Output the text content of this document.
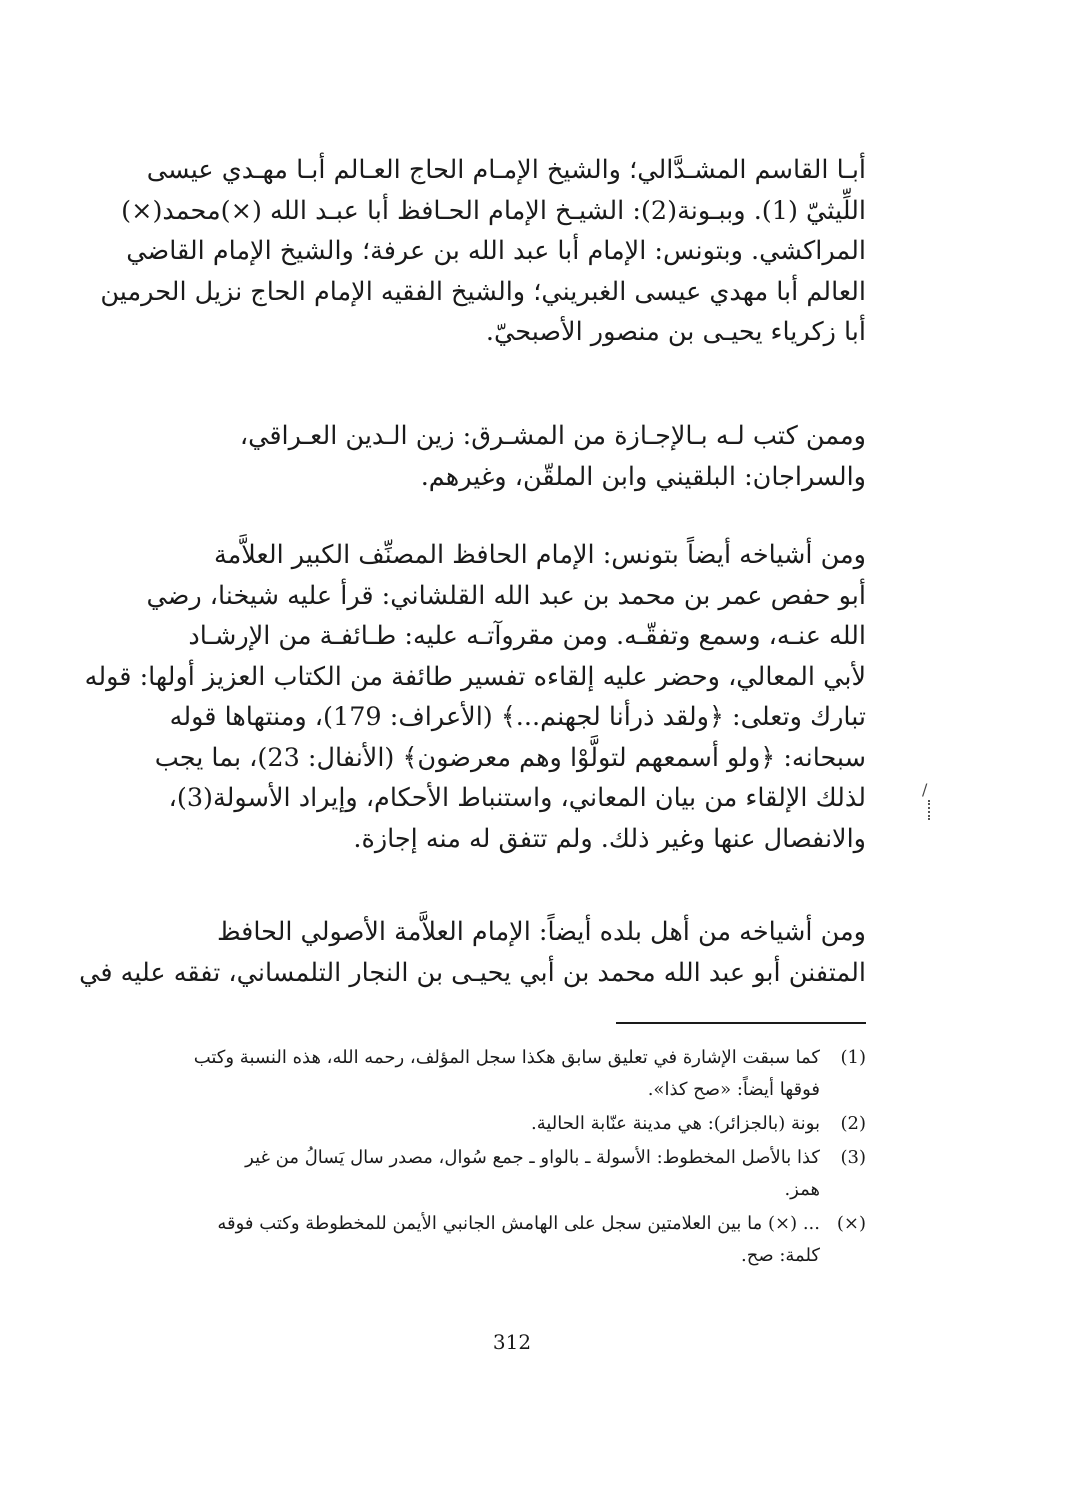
أبـا القاسم المشـدَّالي؛ والشيخ الإمـام الحاج العـالم أبـا مهـدي عيسى
اللِّيثيّ (1). وببـونة(2): الشيـخ الإمام الحـافظ أبا عبـد الله (×)محمد(×)
المراكشي. وبتونس: الإمام أبا عبد الله بن عرفة؛ والشيخ الإمام القاضي
العالم أبا مهدي عيسى الغبريني؛ والشيخ الفقيه الإمام الحاج نزيل الحرمين
أبا زكرياء يحيـى بن منصور الأصبحيّ.

وممن كتب لـه بـالإجـازة من المشـرق: زين الـدين العـراقي،
والسراجان: البلقيني وابن الملقّن، وغيرهم.

ومن أشياخه أيضاً بتونس: الإمام الحافظ المصنِّف الكبير العلاَّمة
أبو حفص عمر بن محمد بن عبد الله القلشاني: قرأ عليه شيخنا، رضي
الله عنـه، وسمع وتفقّـه. ومن مقروآتـه عليه: طـائفـة من الإرشـاد
لأبي المعالي، وحضر عليه إلقاءه تفسير طائفة من الكتاب العزيز أولها: قوله
تبارك وتعلى: ﴿ولقد ذرأنا لجهنم...﴾ (الأعراف: 179)، ومنتهاها قوله
سبحانه: ﴿ولو أسمعهم لتولَّوْا وهم معرضون﴾ (الأنفال: 23)، بما يجب
لذلك الإلقاء من بيان المعاني، واستنباط الأحكام، وإيراد الأسولة(3)،
والانفصال عنها وغير ذلك. ولم تتفق له منه إجازة.

ومن أشياخه من أهل بلده أيضاً: الإمام العلاَّمة الأصولي الحافظ
المتفنن أبو عبد الله محمد بن أبي يحيـى بن النجار التلمساني، تفقه عليه في

(1)
كما سبقت الإشارة في تعليق سابق هكذا سجل المؤلف، رحمه الله، هذه النسبة وكتب
فوقها أيضاً: «صح كذا».
(2)
بونة (بالجزائر): هي مدينة عنّابة الحالية.
(3)
كذا بالأصل المخطوط: الأسولة ـ بالواو ـ جمع سُوال، مصدر سال يَسالُ من غير
همز.
(×)
... (×) ما بين العلامتين سجل على الهامش الجانبي الأيمن للمخطوطة وكتب فوقه
كلمة: صح.
312
/
